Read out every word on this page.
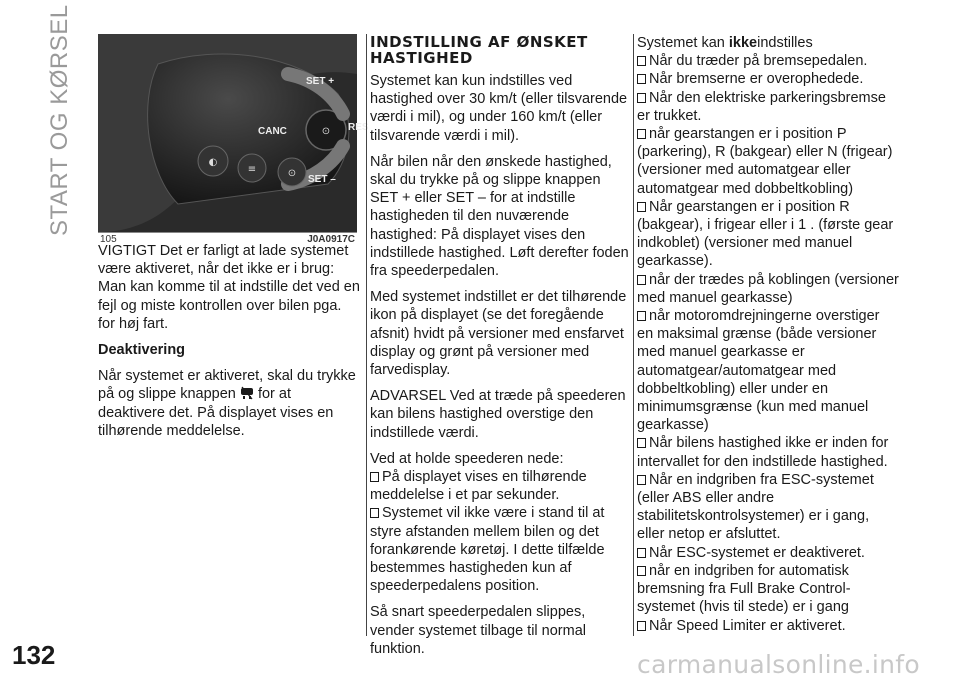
START OG KØRSEL	⊙
SET +
CANC	RES
SET –
◐
≡	⊙
105	J0A0917C

VIGTIGT Det er farligt at lade systemet være aktiveret, når det ikke er i brug: Man kan komme til at indstille det ved en fejl og miste kontrollen over bilen pga. for høj fart.

Deaktivering

Når systemet er aktiveret, skal du trykke på og slippe knappen for at deaktivere det. På displayet vises en tilhørende meddelelse.

INDSTILLING AF ØNSKET
HASTIGHED

Systemet kan kun indstilles ved hastighed over 30 km/t (eller tilsvarende værdi i mil), og under 160 km/t (eller tilsvarende værdi i mil).

Når bilen når den ønskede hastighed, skal du trykke på og slippe knappen SET + eller SET – for at indstille hastigheden til den nuværende hastighed: På displayet vises den indstillede hastighed. Løft derefter foden fra speederpedalen.

Med systemet indstillet er det tilhørende ikon på displayet (se det foregående afsnit) hvidt på versioner med ensfarvet display og grønt på versioner med farvedisplay.

ADVARSEL Ved at træde på speederen kan bilens hastighed overstige den indstillede værdi.

Ved at holde speederen nede:

På displayet vises en tilhørende meddelelse i et par sekunder.
Systemet vil ikke være i stand til at styre afstanden mellem bilen og det forankørende køretøj. I dette tilfælde bestemmes hastigheden kun af speederpedalens position.

Så snart speederpedalen slippes, vender systemet tilbage til normal funktion.

Systemet kan ikkeindstilles
Når du træder på bremsepedalen.
Når bremserne er overophedede.
Når den elektriske parkeringsbremse er trukket.
når gearstangen er i position P (parkering), R (bakgear) eller N (frigear) (versioner med automatgear eller automatgear med dobbeltkobling)
Når gearstangen er i position R (bakgear), i frigear eller i 1 . (første gear indkoblet) (versioner med manuel gearkasse).
når der trædes på koblingen (versioner med manuel gearkasse)
når motoromdrejningerne overstiger en maksimal grænse (både versioner med manuel gearkasse er automatgear/automatgear med dobbeltkobling) eller under en minimumsgrænse (kun med manuel gearkasse)
Når bilens hastighed ikke er inden for intervallet for den indstillede hastighed.
Når en indgriben fra ESC-systemet (eller ABS eller andre stabilitetskontrolsystemer) er i gang, eller netop er afsluttet.
Når ESC-systemet er deaktiveret.
når en indgriben for automatisk bremsning fra Full Brake Control-systemet (hvis til stede) er i gang
Når Speed Limiter er aktiveret.
132	carmanualsonline.info
